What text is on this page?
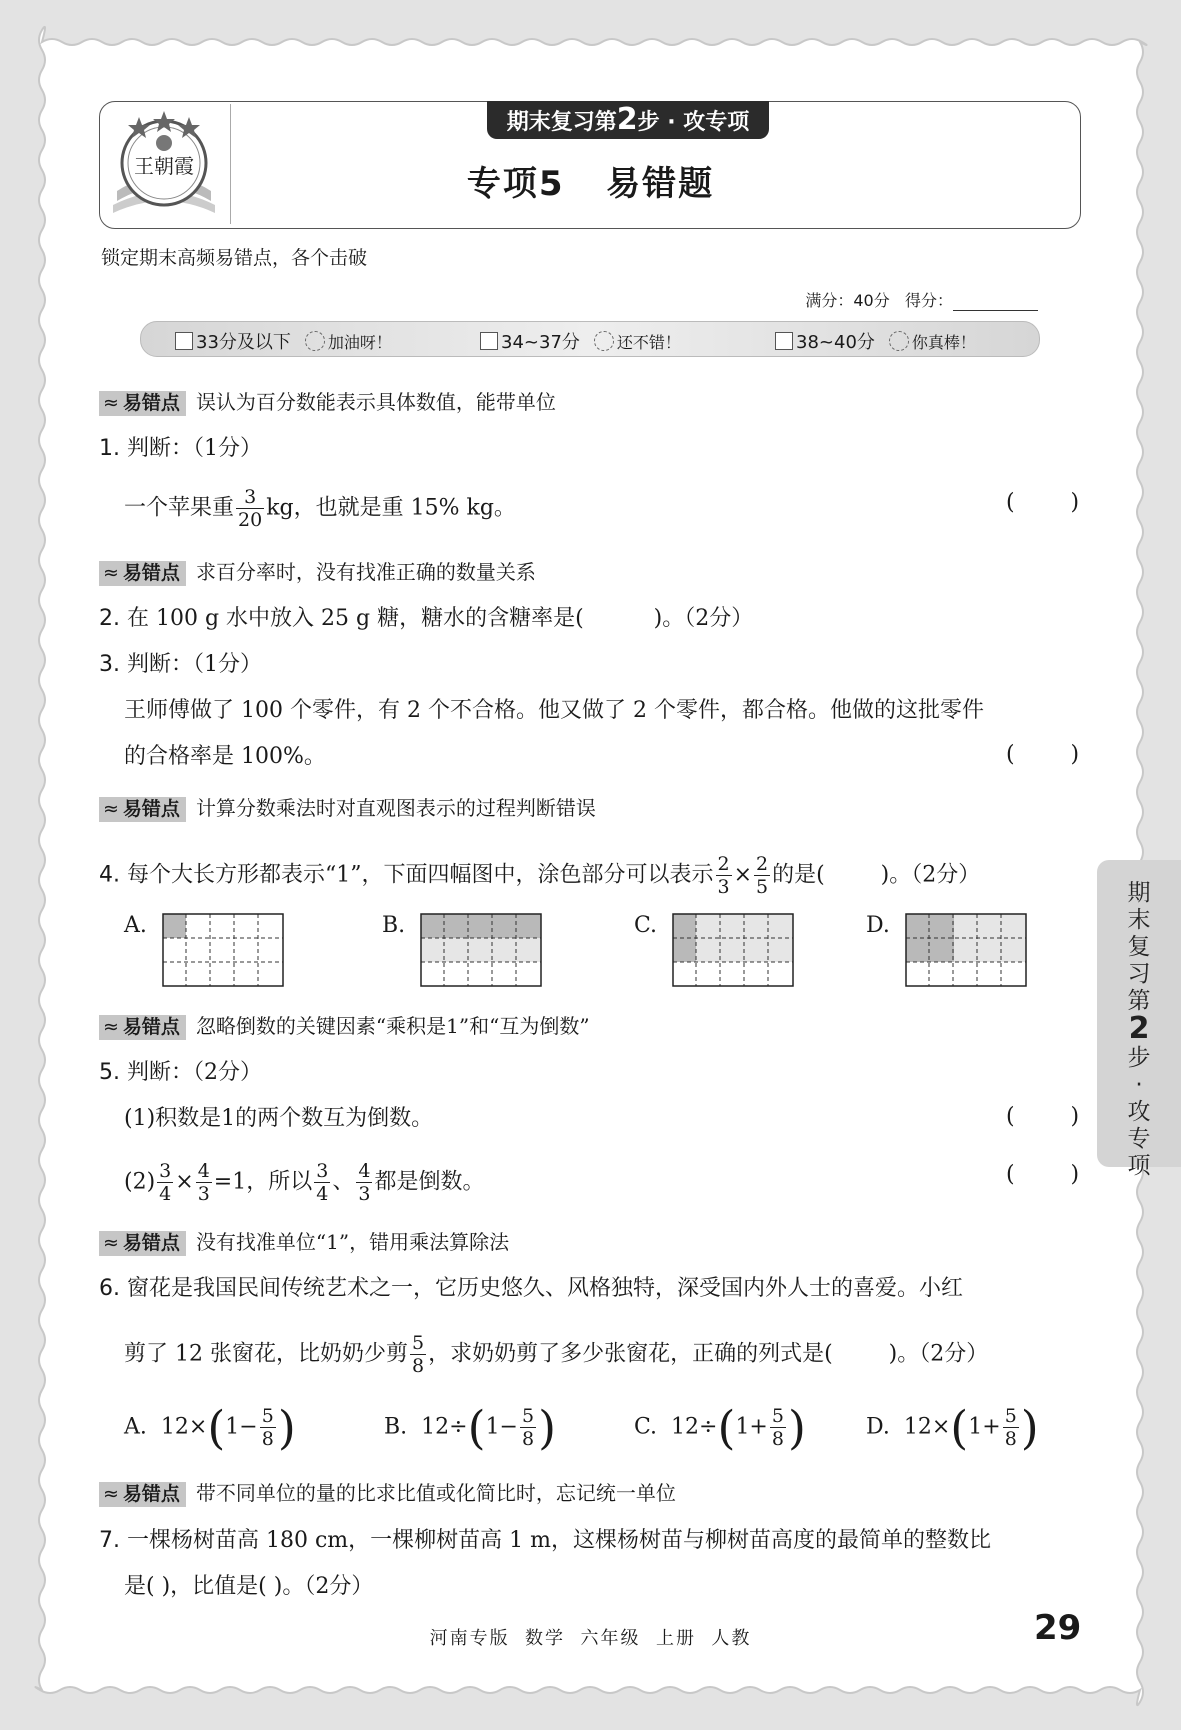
王朝霞
期末复习第2步 · 攻专项
专项5   易错题
锁定期末高频易错点，各个击破
满分：40分 得分：
33分及以下 加油呀！	34~37分 还不错！	38~40分 你真棒！
≈ 易错点 误认为百分数能表示具体数值，能带单位
1. 判断：（1分）
一个苹果重 $\frac{3}{20}$ kg，也就是重 15% kg。	(        )
≈ 易错点 求百分率时，没有找准正确的数量关系
2. 在 100 g 水中放入 25 g 糖，糖水的含糖率是(          )。（2分）
3. 判断：（1分）
王师傅做了 100 个零件，有 2 个不合格。他又做了 2 个零件，都合格。他做的这批零件
的合格率是 100%。	(        )
≈ 易错点 计算分数乘法时对直观图表示的过程判断错误
4. 每个大长方形都表示“1”，下面四幅图中，涂色部分可以表示 $\frac{2}{3} \times \frac{2}{5}$ 的是(        )。（2分）
A.	B.	C.	D.
≈ 易错点 忽略倒数的关键因素“乘积是1”和“互为倒数”
5. 判断：（2分）
(1)积数是1的两个数互为倒数。	(        )
$(2) \frac{3}{4} \times \frac{4}{3} =1$，所以 $\frac{3}{4}$ 、 $\frac{4}{3}$ 都是倒数。	(        )
≈ 易错点 没有找准单位“1”，错用乘法算除法
6. 窗花是我国民间传统艺术之一，它历史悠久、风格独特，深受国内外人士的喜爱。小红
剪了 12 张窗花，比奶奶少剪 $\frac{5}{8}$ ，求奶奶剪了多少张窗花，正确的列式是(        )。（2分）
A. $12\times(1- \frac{5}{8}$ )	B. $12\div(1- \frac{5}{8}$ )	C. $12\div(1+ \frac{5}{8}$ )	D. $12\times(1+ \frac{5}{8}$ )
≈ 易错点 带不同单位的量的比求比值或化简比时，忘记统一单位
7. 一棵杨树苗高 180 cm，一棵柳树苗高 1 m，这棵杨树苗与柳树苗高度的最简单的整数比
是( )，比值是( )。（2分）
期
末
复
习
第
2
步
·
攻
专
项
河南专版  数学  六年级  上册  人教	29
